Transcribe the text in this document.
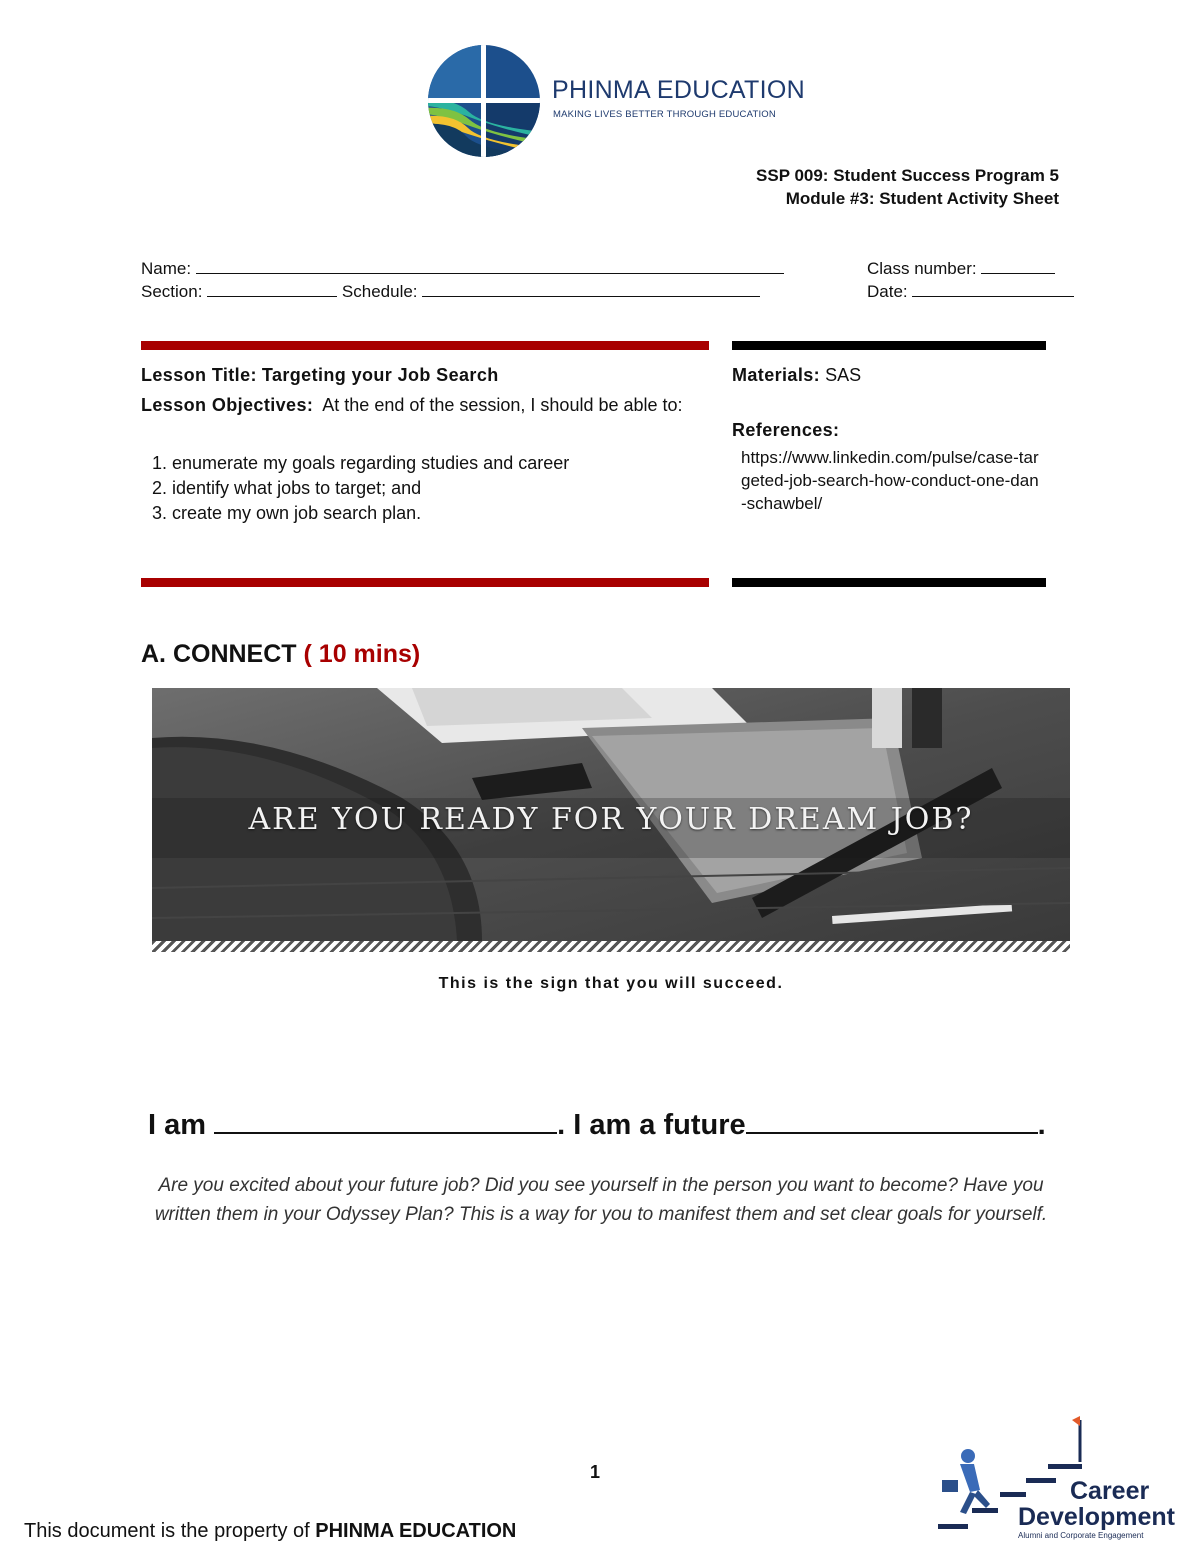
PHINMA EDUCATION
MAKING LIVES BETTER THROUGH EDUCATION
SSP 009: Student Success Program 5
Module #3: Student Activity Sheet
Name:	Class number:
Section:	Schedule:	Date:
Lesson Title: Targeting your Job Search
Lesson Objectives: At the end of the session, I should be able to:
1. enumerate my goals regarding studies and career
2. identify what jobs to target; and
3. create my own job search plan.
Materials: SAS
References:
https://www.linkedin.com/pulse/case-targeted-job-search-how-conduct-one-dan-schawbel/
A. CONNECT ( 10 mins)
ARE YOU READY FOR YOUR DREAM JOB?
This is the sign that you will succeed.
I am	. I am a future	.
Are you excited about your future job? Did you see yourself in the person you want to become? Have you written them in your Odyssey Plan? This is a way for you to manifest them and set clear goals for yourself.
1
This document is the property of PHINMA EDUCATION
Career
Development
Alumni and Corporate Engagement
